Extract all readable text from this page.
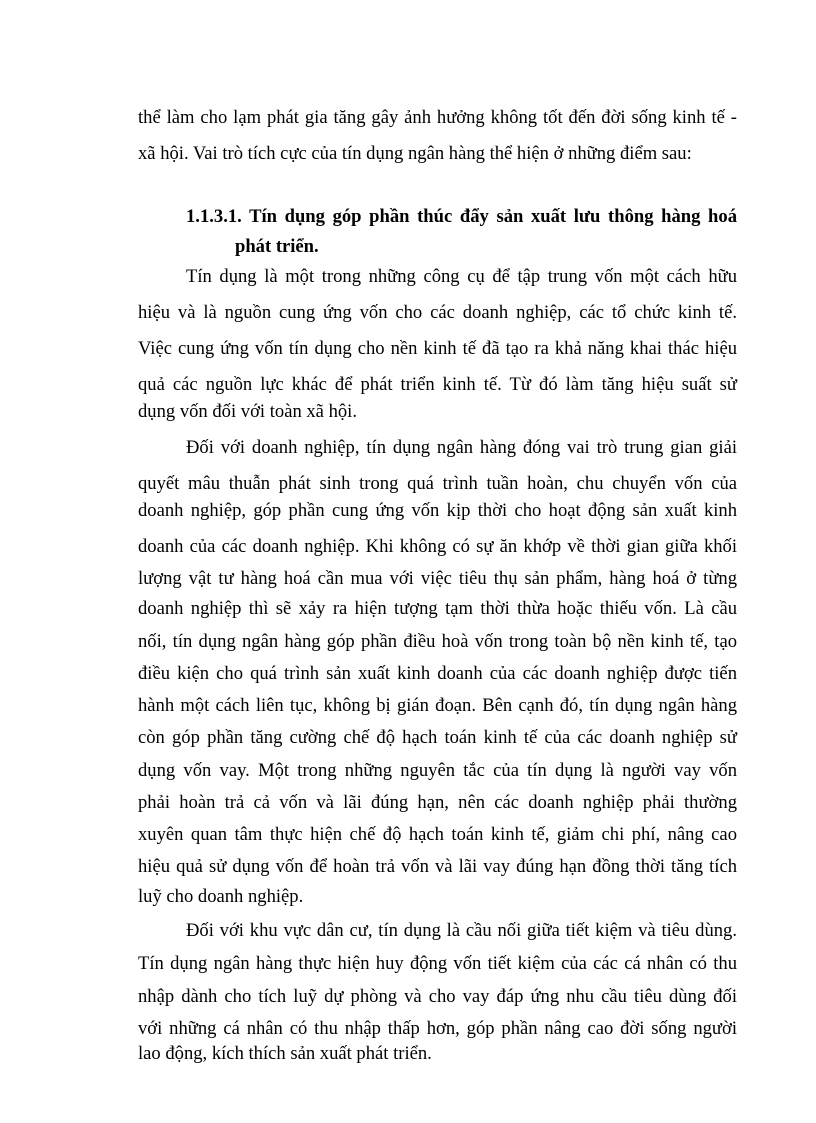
thể làm cho lạm phát gia tăng gây ảnh hưởng không tốt đến đời sống kinh tế -
xã hội. Vai trò tích cực của tín dụng ngân hàng thể hiện ở những điểm sau:
1.1.3.1. Tín dụng góp phần thúc đẩy sản xuất lưu thông hàng hoá
phát triển.
Tín dụng là một trong những công cụ để tập trung vốn một cách hữu
hiệu và là nguồn cung ứng vốn cho các doanh nghiệp, các tổ chức kinh tế.
Việc cung ứng vốn tín dụng cho nền kinh tế đã tạo ra khả năng khai thác hiệu
quả các nguồn lực khác để phát triển kinh tế. Từ đó làm tăng hiệu suất sử
dụng vốn đối với toàn xã hội.
Đối với doanh nghiệp, tín dụng ngân hàng đóng vai trò trung gian giải
quyết mâu thuẫn phát sinh trong quá trình tuần hoàn, chu chuyển vốn của
doanh nghiệp, góp phần cung ứng vốn kịp thời cho hoạt động sản xuất kinh
doanh của các doanh nghiệp. Khi không có sự ăn khớp về thời gian giữa khối
lượng vật tư hàng hoá cần mua với việc tiêu thụ sản phẩm, hàng hoá ở từng
doanh nghiệp thì sẽ xảy ra hiện tượng tạm thời thừa hoặc thiếu vốn. Là cầu
nối, tín dụng ngân hàng góp phần điều hoà vốn trong toàn bộ nền kinh tế, tạo
điều kiện cho quá trình sản xuất kinh doanh của các doanh nghiệp được tiến
hành một cách liên tục, không bị gián đoạn. Bên cạnh đó, tín dụng ngân hàng
còn góp phần tăng cường chế độ hạch toán kinh tế của các doanh nghiệp sử
dụng vốn vay. Một trong những nguyên tắc của tín dụng là người vay vốn
phải hoàn trả cả vốn và lãi đúng hạn, nên các doanh nghiệp phải thường
xuyên quan tâm thực hiện chế độ hạch toán kinh tế, giảm chi phí, nâng cao
hiệu quả sử dụng vốn để hoàn trả vốn và lãi vay đúng hạn đồng thời tăng tích
luỹ cho doanh nghiệp.
Đối với khu vực dân cư, tín dụng là cầu nối giữa tiết kiệm và tiêu dùng.
Tín dụng ngân hàng thực hiện huy động vốn tiết kiệm của các cá nhân có thu
nhập dành cho tích luỹ dự phòng và cho vay đáp ứng nhu cầu tiêu dùng đối
với những cá nhân có thu nhập thấp hơn, góp phần nâng cao đời sống người
lao động, kích thích sản xuất phát triển.
